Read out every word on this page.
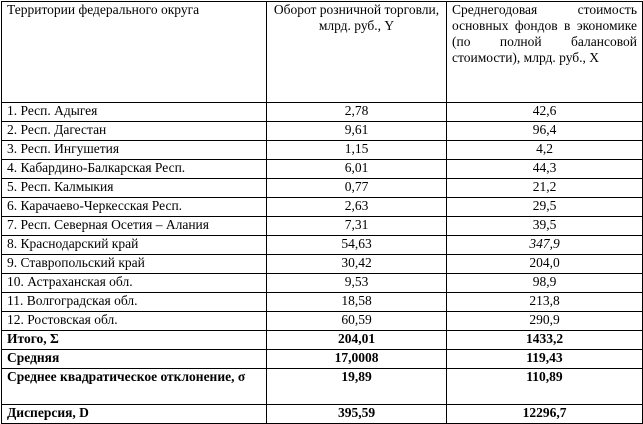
Территории федерального округа	Оборот розничной торговли, млрд. руб., Y	Среднегодовая стоимость основных фондов в экономике (по полной балансовой стоимости), млрд. руб., X
1. Респ. Адыгея	2,78	42,6
2. Респ. Дагестан	9,61	96,4
3. Респ. Ингушетия	1,15	4,2
4. Кабардино-Балкарская Респ.	6,01	44,3
5. Респ. Калмыкия	0,77	21,2
6. Карачаево-Черкесская Респ.	2,63	29,5
7. Респ. Северная Осетия – Алания	7,31	39,5
8. Краснодарский край	54,63	347,9
9. Ставропольский край	30,42	204,0
10. Астраханская обл.	9,53	98,9
11. Волгоградская обл.	18,58	213,8
12. Ростовская обл.	60,59	290,9
Итого, Σ	204,01	1433,2
Средняя	17,0008	119,43
Среднее квадратическое отклонение, σ	19,89	110,89
Дисперсия, D	395,59	12296,7
